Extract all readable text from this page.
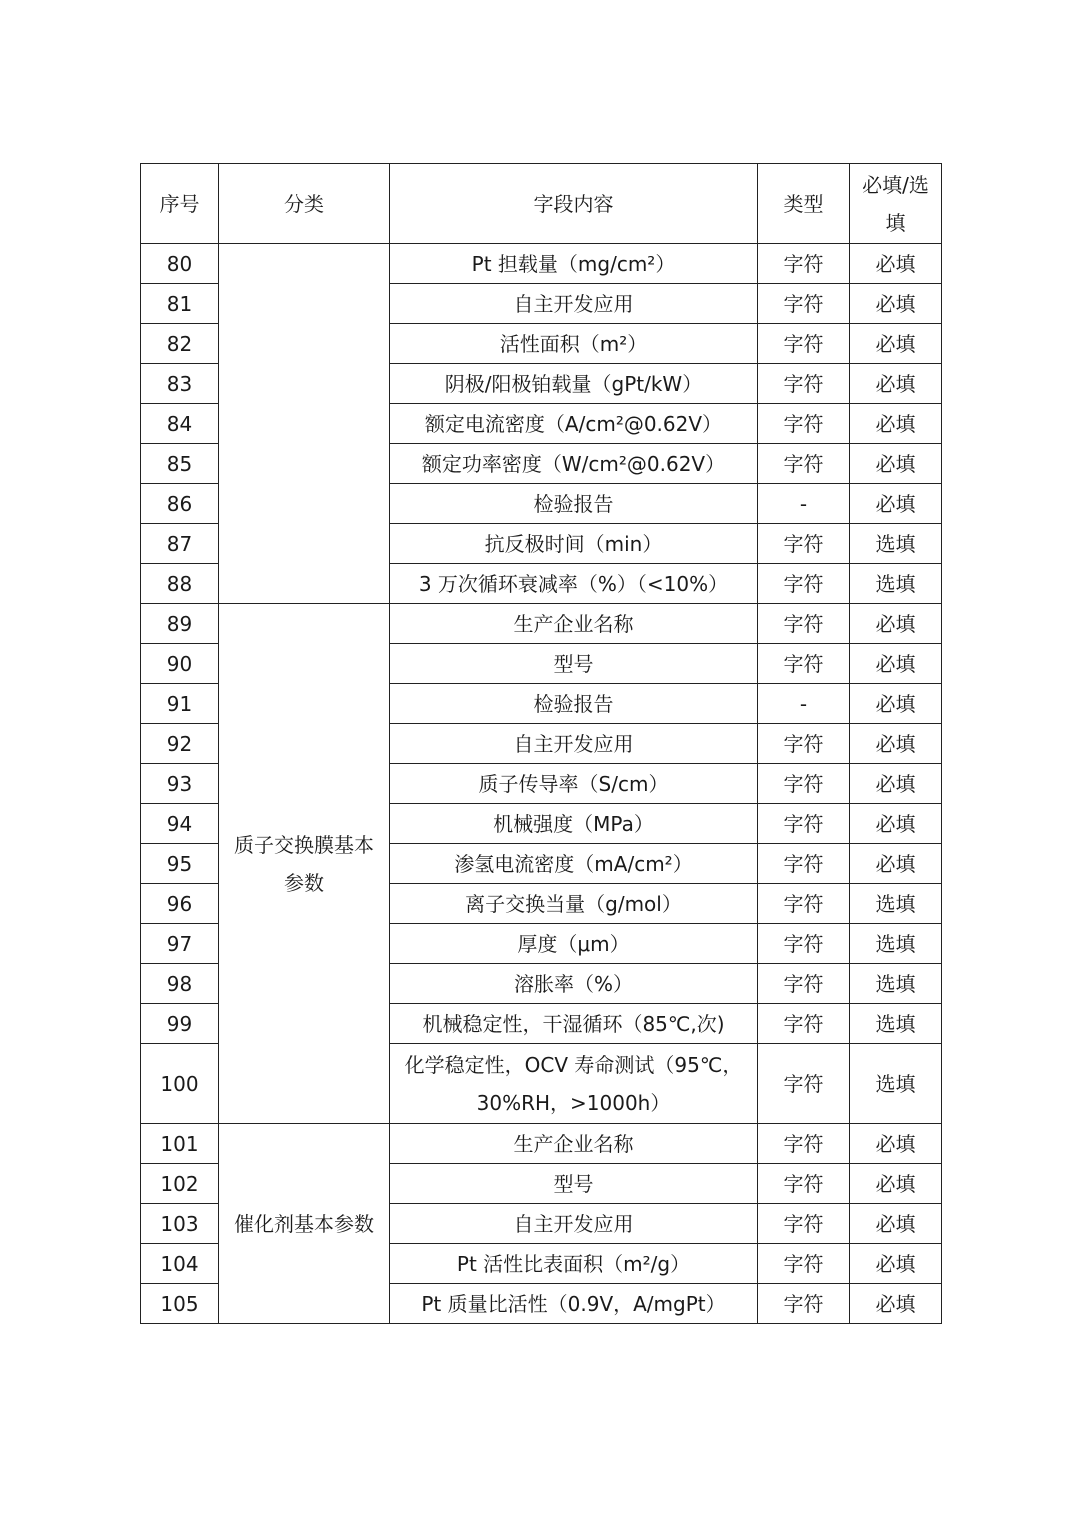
序号	分类	字段内容	类型	必填/选填
80		Pt 担载量（mg/cm²）	字符	必填
81		自主开发应用	字符	必填
82		活性面积（m²）	字符	必填
83		阴极/阳极铂载量（gPt/kW）	字符	必填
84		额定电流密度（A/cm²@0.62V）	字符	必填
85		额定功率密度（W/cm²@0.62V）	字符	必填
86		检验报告	-	必填
87		抗反极时间（min）	字符	选填
88		3 万次循环衰减率（%）（<10%）	字符	选填
89	质子交换膜基本参数	生产企业名称	字符	必填
90		型号	字符	必填
91		检验报告	-	必填
92		自主开发应用	字符	必填
93		质子传导率（S/cm）	字符	必填
94		机械强度（MPa）	字符	必填
95		渗氢电流密度（mA/cm²）	字符	必填
96		离子交换当量（g/mol）	字符	选填
97		厚度（μm）	字符	选填
98		溶胀率（%）	字符	选填
99		机械稳定性，干湿循环（85℃,次)	字符	选填
100		化学稳定性，OCV 寿命测试（95℃，30%RH，>1000h）	字符	选填
101	催化剂基本参数	生产企业名称	字符	必填
102		型号	字符	必填
103		自主开发应用	字符	必填
104		Pt 活性比表面积（m²/g）	字符	必填
105		Pt 质量比活性（0.9V，A/mgPt）	字符	必填
